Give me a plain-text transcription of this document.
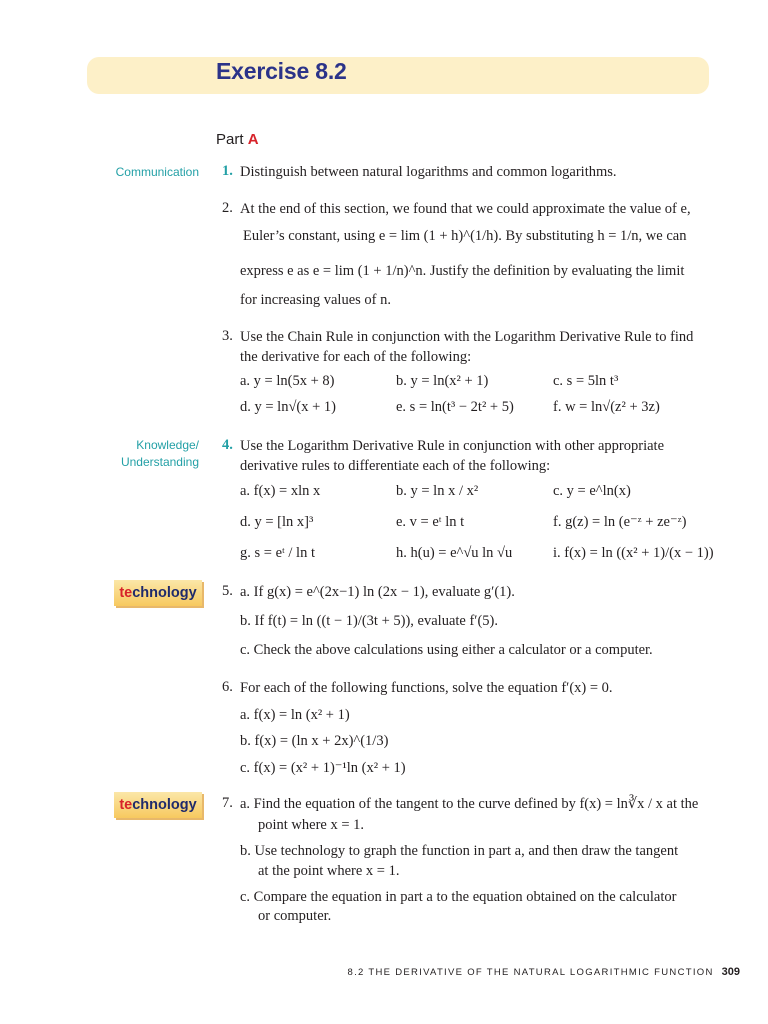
Exercise 8.2
Part A
Communication
Knowledge/
Understanding
technology
technology
1. Distinguish between natural logarithms and common logarithms.
2. At the end of this section, we found that we could approximate the value of e,
Euler’s constant, using e = lim (1 + h)^(1/h). By substituting h = 1/n, we can
express e as e = lim (1 + 1/n)^n. Justify the definition by evaluating the limit
for increasing values of n.
3. Use the Chain Rule in conjunction with the Logarithm Derivative Rule to find
the derivative for each of the following:
a. y = ln(5x + 8)	b. y = ln(x² + 1)	c. s = 5ln t³
d. y = ln√(x + 1)	e. s = ln(t³ − 2t² + 5)	f. w = ln√(z² + 3z)
4. Use the Logarithm Derivative Rule in conjunction with other appropriate
derivative rules to differentiate each of the following:
a. f(x) = xln x	b. y = ln x / x²	c. y = e^ln(x)
d. y = [ln x]³	e. v = eᵗ ln t	f. g(z) = ln (e⁻ᶻ + ze⁻ᶻ)
g. s = eᵗ / ln t	h. h(u) = e^√u ln √u	i. f(x) = ln ((x² + 1)/(x − 1))
5. a. If g(x) = e^(2x−1) ln (2x − 1), evaluate g′(1).
b. If f(t) = ln ((t − 1)/(3t + 5)), evaluate f′(5).
c. Check the above calculations using either a calculator or a computer.
6. For each of the following functions, solve the equation f′(x) = 0.
a. f(x) = ln (x² + 1)
b. f(x) = (ln x + 2x)^(1/3)
c. f(x) = (x² + 1)⁻¹ln (x² + 1)
7. a. Find the equation of the tangent to the curve defined by f(x) = ln∛x / x at the
point where x = 1.
b. Use technology to graph the function in part a, and then draw the tangent
at the point where x = 1.
c. Compare the equation in part a to the equation obtained on the calculator
or computer.
8.2 THE DERIVATIVE OF THE NATURAL LOGARITHMIC FUNCTION 309
